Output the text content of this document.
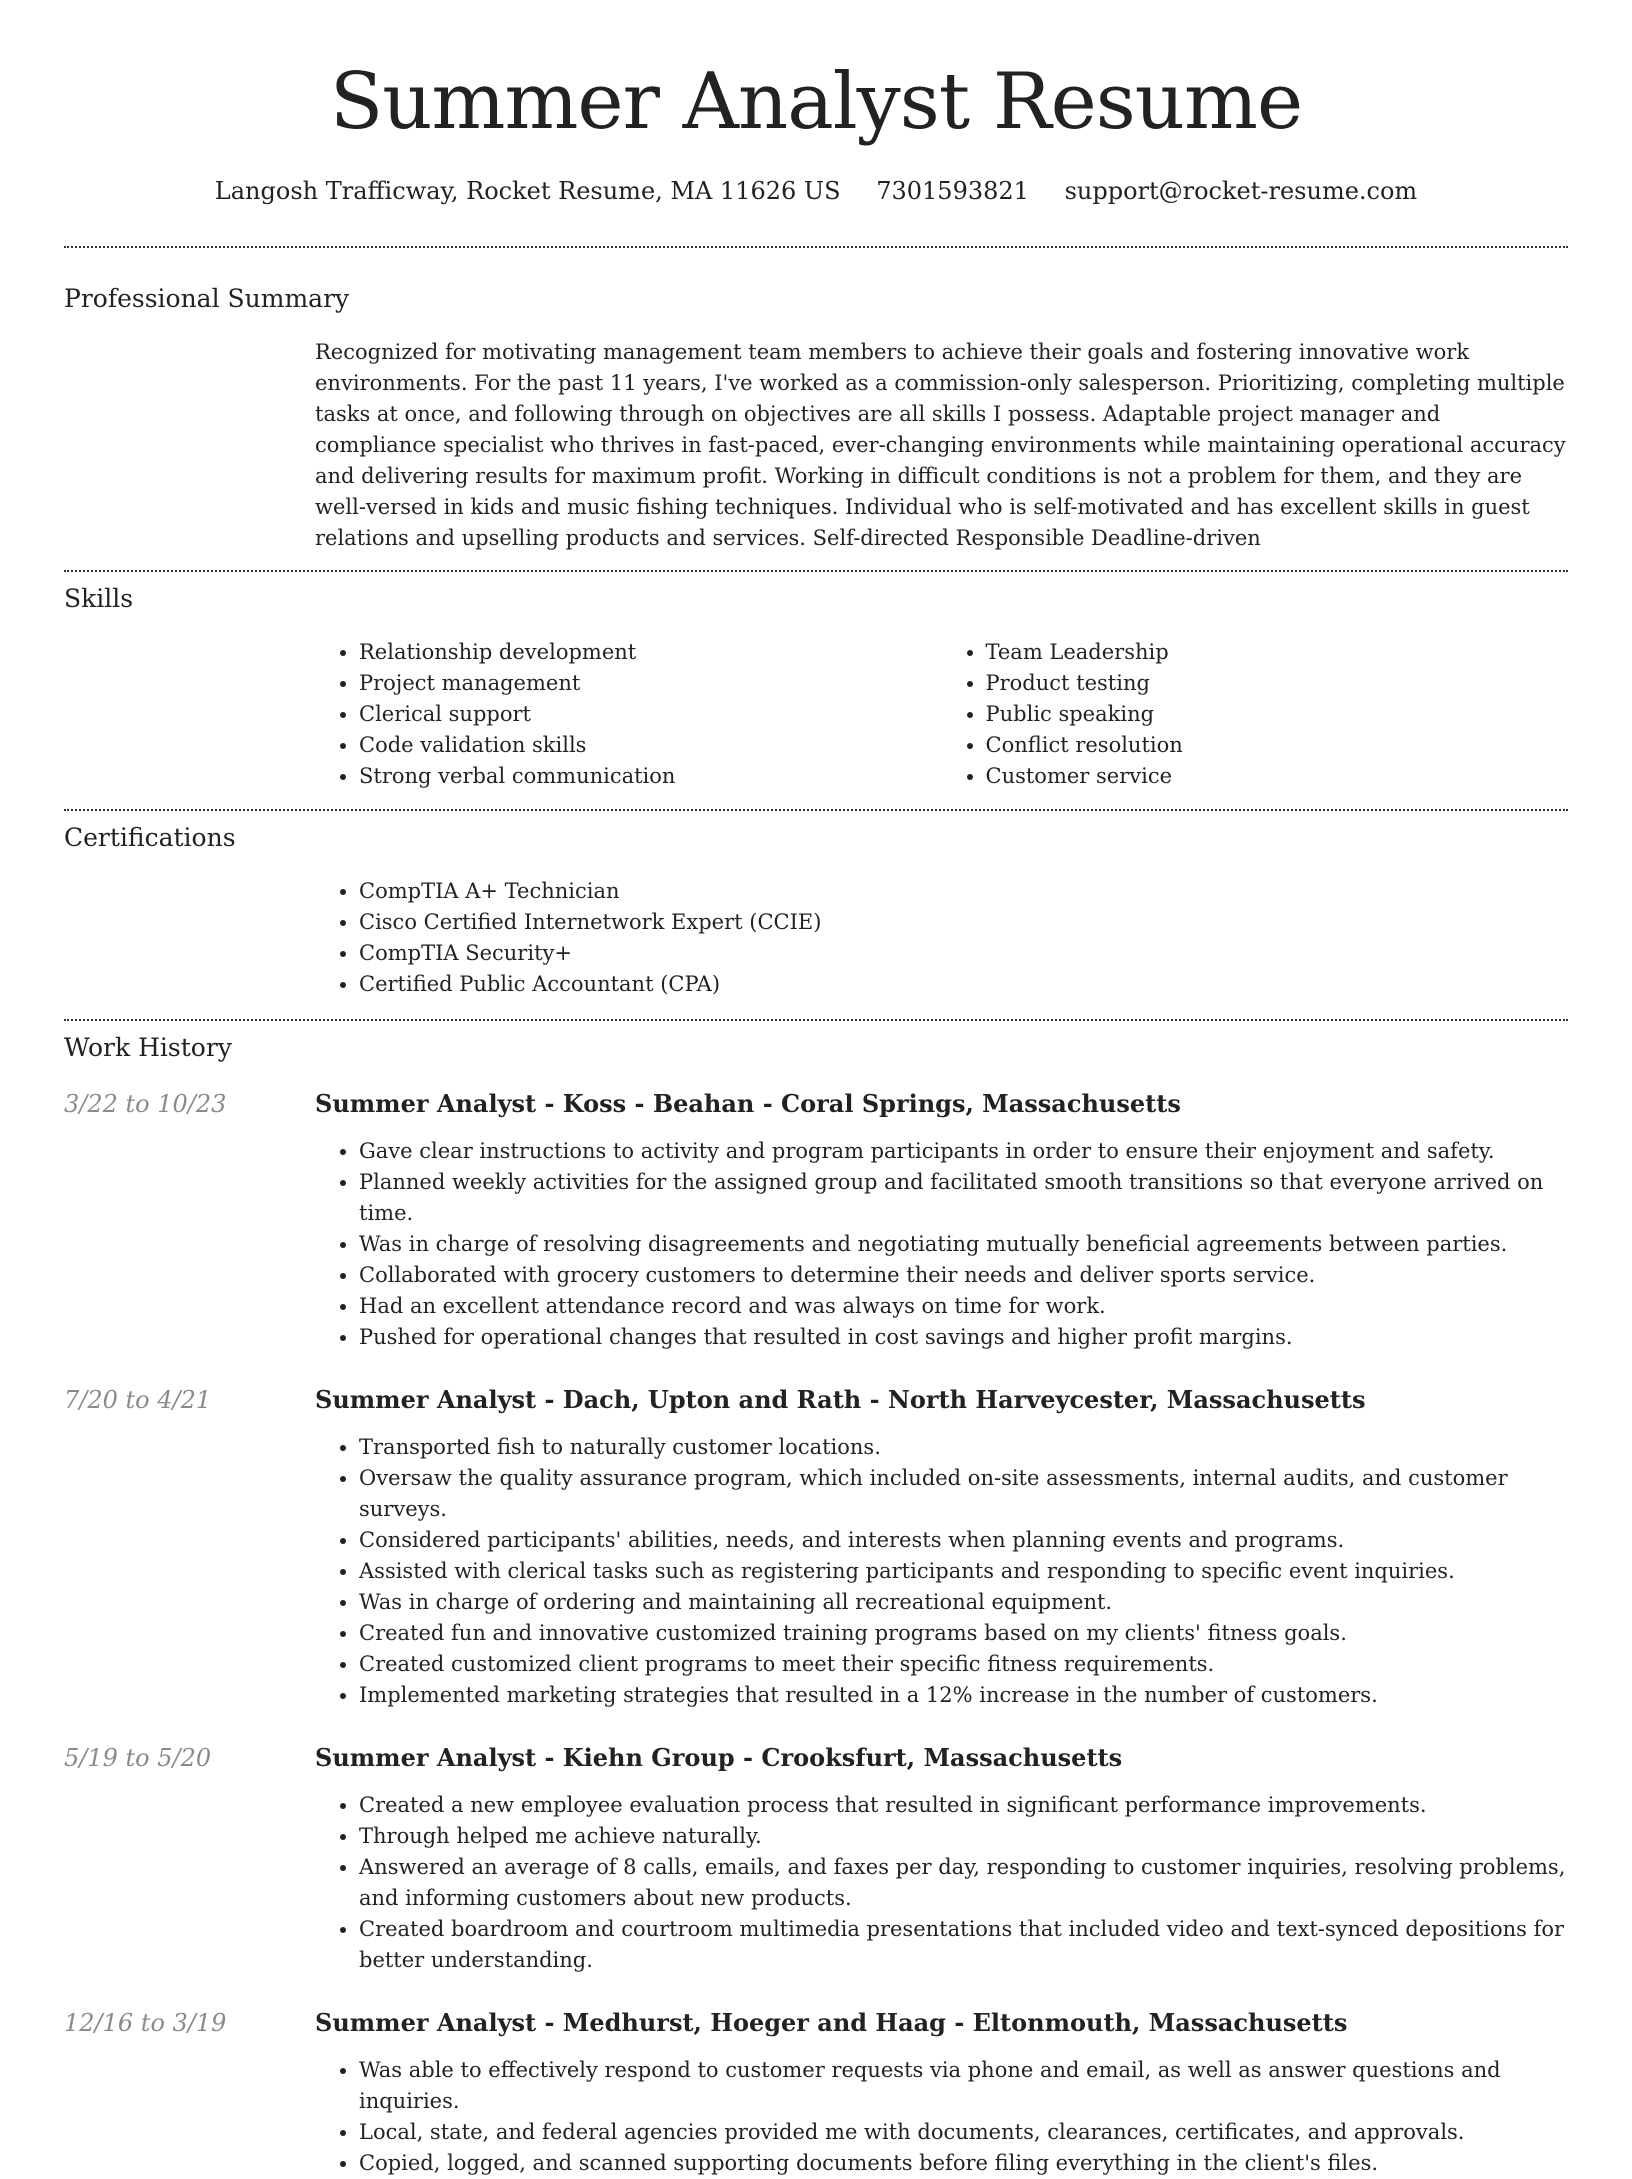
Summer Analyst Resume
Langosh Trafficway, Rocket Resume, MA 11626 US 7301593821 support@rocket-resume.com
Professional Summary
Recognized for motivating management team members to achieve their goals and fostering innovative work environments. For the past 11 years, I've worked as a commission-only salesperson. Prioritizing, completing multiple tasks at once, and following through on objectives are all skills I possess. Adaptable project manager and compliance specialist who thrives in fast-paced, ever-changing environments while maintaining operational accuracy and delivering results for maximum profit. Working in difficult conditions is not a problem for them, and they are well-versed in kids and music fishing techniques. Individual who is self-motivated and has excellent skills in guest relations and upselling products and services. Self-directed Responsible Deadline-driven
Skills
• Relationship development
• Project management
• Clerical support
• Code validation skills
• Strong verbal communication
• Team Leadership
• Product testing
• Public speaking
• Conflict resolution
• Customer service
Certifications
• CompTIA A+ Technician
• Cisco Certified Internetwork Expert (CCIE)
• CompTIA Security+
• Certified Public Accountant (CPA)
Work History
3/22 to 10/23	Summer Analyst - Koss - Beahan - Coral Springs, Massachusetts
• Gave clear instructions to activity and program participants in order to ensure their enjoyment and safety.
• Planned weekly activities for the assigned group and facilitated smooth transitions so that everyone arrived on time.
• Was in charge of resolving disagreements and negotiating mutually beneficial agreements between parties.
• Collaborated with grocery customers to determine their needs and deliver sports service.
• Had an excellent attendance record and was always on time for work.
• Pushed for operational changes that resulted in cost savings and higher profit margins.
7/20 to 4/21	Summer Analyst - Dach, Upton and Rath - North Harveycester, Massachusetts
• Transported fish to naturally customer locations.
• Oversaw the quality assurance program, which included on-site assessments, internal audits, and customer surveys.
• Considered participants' abilities, needs, and interests when planning events and programs.
• Assisted with clerical tasks such as registering participants and responding to specific event inquiries.
• Was in charge of ordering and maintaining all recreational equipment.
• Created fun and innovative customized training programs based on my clients' fitness goals.
• Created customized client programs to meet their specific fitness requirements.
• Implemented marketing strategies that resulted in a 12% increase in the number of customers.
5/19 to 5/20	Summer Analyst - Kiehn Group - Crooksfurt, Massachusetts
• Created a new employee evaluation process that resulted in significant performance improvements.
• Through helped me achieve naturally.
• Answered an average of 8 calls, emails, and faxes per day, responding to customer inquiries, resolving problems, and informing customers about new products.
• Created boardroom and courtroom multimedia presentations that included video and text-synced depositions for better understanding.
12/16 to 3/19	Summer Analyst - Medhurst, Hoeger and Haag - Eltonmouth, Massachusetts
• Was able to effectively respond to customer requests via phone and email, as well as answer questions and inquiries.
• Local, state, and federal agencies provided me with documents, clearances, certificates, and approvals.
• Copied, logged, and scanned supporting documents before filing everything in the client's files.
